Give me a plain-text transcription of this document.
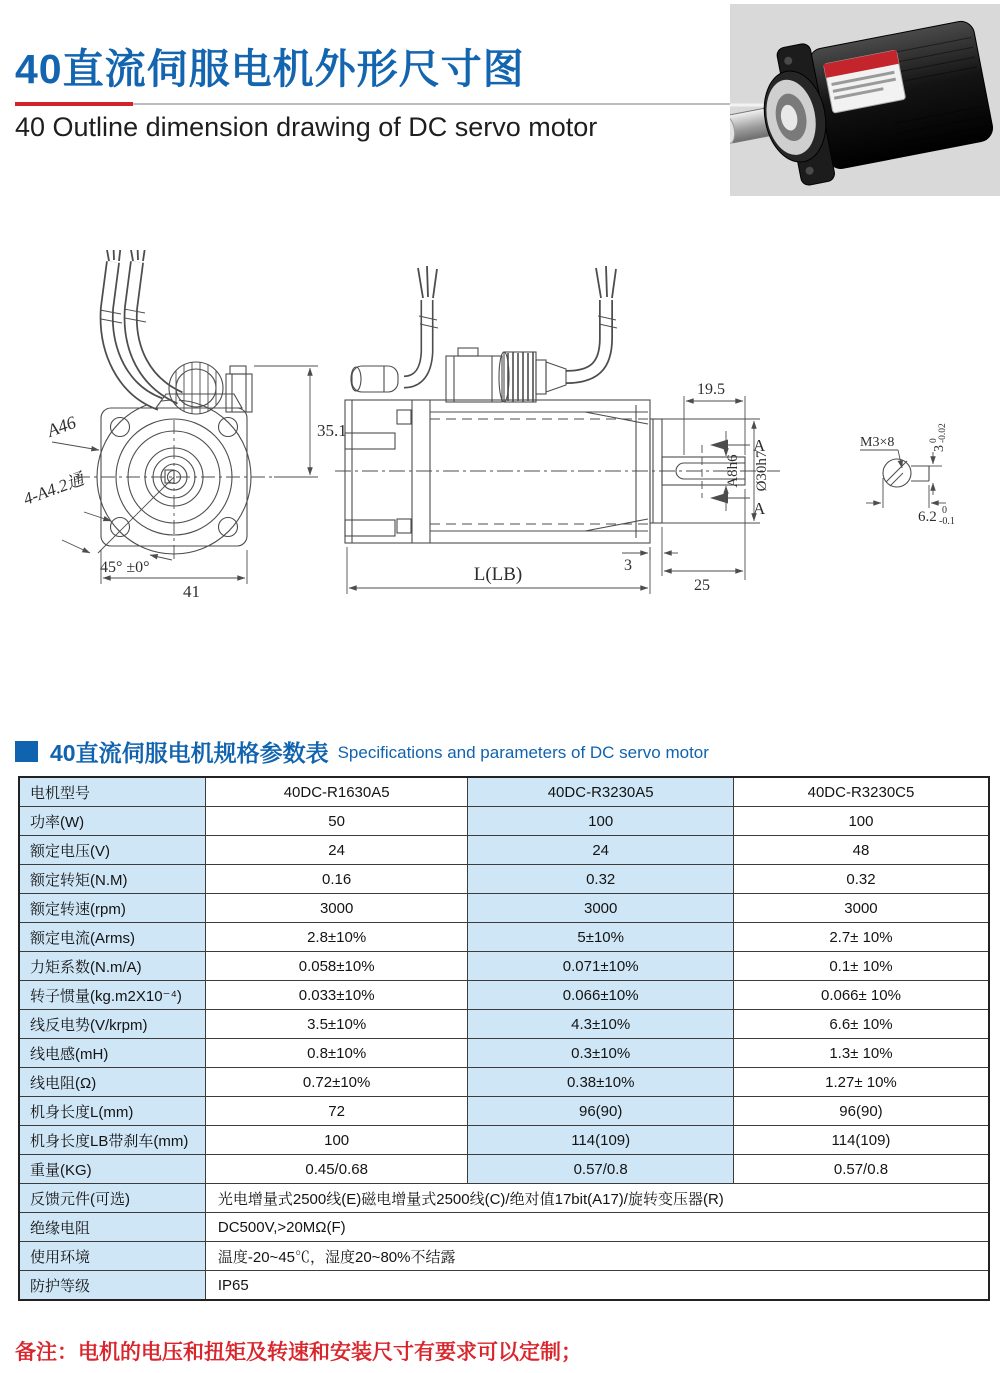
40直流伺服电机外形尺寸图
40 Outline dimension drawing of DC servo motor
35.1
41
A46
4-A4.2通
45° ±0°
A
A
A8h6 Ø30h7
19.5
3
25
L(LB)
M3×8	3
0 -0.02
6.2 0
-0.1
40直流伺服电机规格参数表 Specifications and parameters of DC servo motor
电机型号	40DC-R1630A5	40DC-R3230A5	40DC-R3230C5
功率(W)	50	100	100
额定电压(V)	24	24	48
额定转矩(N.M)	0.16	0.32	0.32
额定转速(rpm)	3000	3000	3000
额定电流(Arms)	2.8±10%	5±10%	2.7± 10%
力矩系数(N.m/A)	0.058±10%	0.071±10%	0.1± 10%
转子惯量(kg.m2X10⁻⁴)	0.033±10%	0.066±10%	0.066± 10%
线反电势(V/krpm)	3.5±10%	4.3±10%	6.6± 10%
线电感(mH)	0.8±10%	0.3±10%	1.3± 10%
线电阻(Ω)	0.72±10%	0.38±10%	1.27± 10%
机身长度L(mm)	72	96(90)	96(90)
机身长度LB带刹车(mm)	100	114(109)	114(109)
重量(KG)	0.45/0.68	0.57/0.8	0.57/0.8
反馈元件(可选)	光电增量式2500线(E)磁电增量式2500线(C)/绝对值17bit(A17)/旋转变压器(R)		
绝缘电阻	DC500V,>20MΩ(F)		
使用环境	温度-20~45℃，湿度20~80%不结露		
防护等级	IP65		
备注：电机的电压和扭矩及转速和安装尺寸有要求可以定制；
